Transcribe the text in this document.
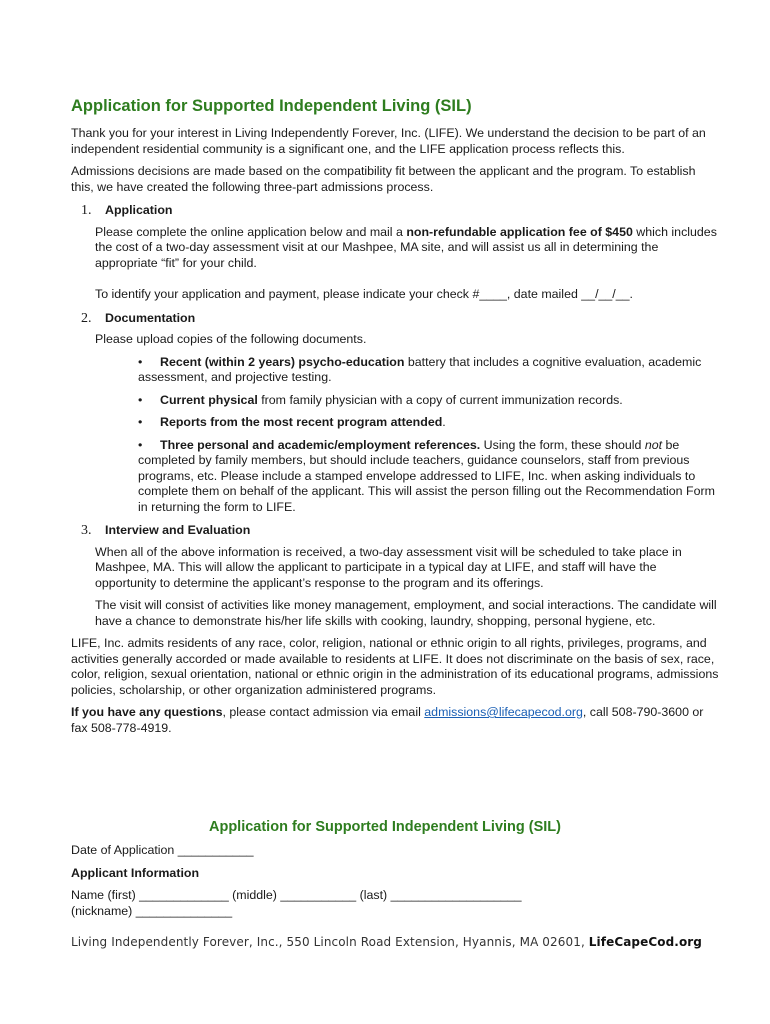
Application for Supported Independent Living (SIL)

Thank you for your interest in Living Independently Forever, Inc. (LIFE). We understand the decision to be part of an independent residential community is a significant one, and the LIFE application process reflects this.

Admissions decisions are made based on the compatibility fit between the applicant and the program. To establish this, we have created the following three-part admissions process.

1.	Application

Please complete the online application below and mail a non-refundable application fee of $450 which includes the cost of a two-day assessment visit at our Mashpee, MA site, and will assist us all in determining the appropriate “fit” for your child.

To identify your application and payment, please indicate your check #____, date mailed __/__/__.

2.	Documentation

Please upload copies of the following documents.

• Recent (within 2 years) psycho-education battery that includes a cognitive evaluation, academic assessment, and projective testing.
• Current physical from family physician with a copy of current immunization records.
• Reports from the most recent program attended.
• Three personal and academic/employment references. Using the form, these should not be completed by family members, but should include teachers, guidance counselors, staff from previous programs, etc. Please include a stamped envelope addressed to LIFE, Inc. when asking individuals to complete them on behalf of the applicant. This will assist the person filling out the Recommendation Form in returning the form to LIFE.
3.	Interview and Evaluation

When all of the above information is received, a two-day assessment visit will be scheduled to take place in Mashpee, MA. This will allow the applicant to participate in a typical day at LIFE, and staff will have the opportunity to determine the applicant’s response to the program and its offerings.

The visit will consist of activities like money management, employment, and social interactions. The candidate will have a chance to demonstrate his/her life skills with cooking, laundry, shopping, personal hygiene, etc.

LIFE, Inc. admits residents of any race, color, religion, national or ethnic origin to all rights, privileges, programs, and activities generally accorded or made available to residents at LIFE. It does not discriminate on the basis of sex, race, color, religion, sexual orientation, national or ethnic origin in the administration of its educational programs, admissions policies, scholarship, or other organization administered programs.

If you have any questions, please contact admission via email admissions@lifecapecod.org, call 508-790-3600 or fax 508-778-4919.

Application for Supported Independent Living (SIL)
Date of Application ___________
Applicant Information
Name (first) _____________ (middle) ___________ (last) ___________________
(nickname) ______________
Living Independently Forever, Inc., 550 Lincoln Road Extension, Hyannis, MA 02601, LifeCapeCod.org
